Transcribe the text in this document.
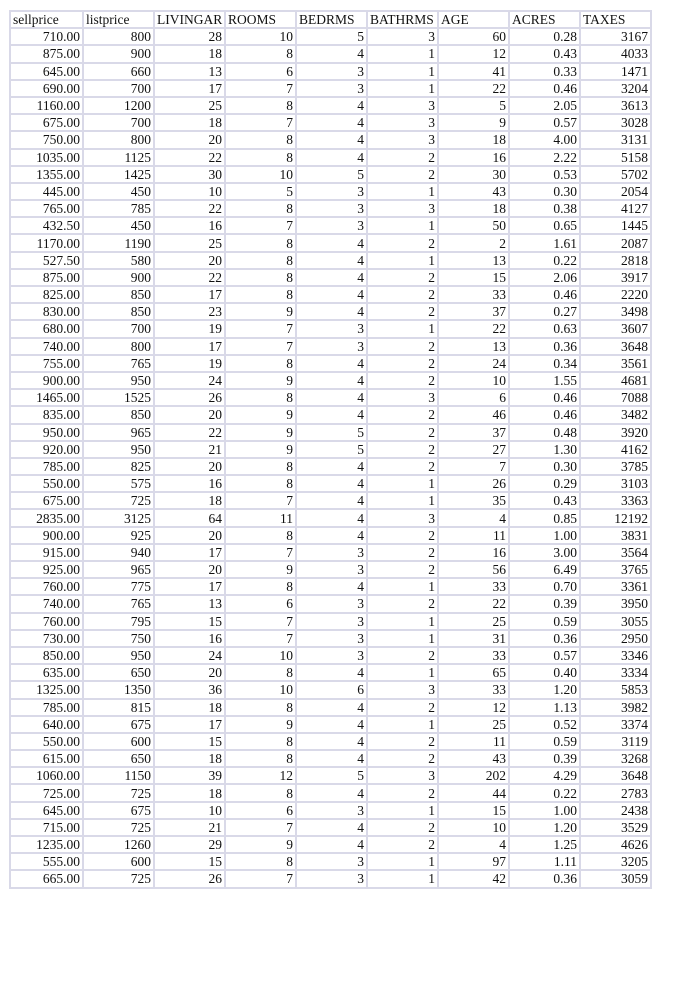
sellprice	listprice	LIVINGAR	ROOMS	BEDRMS	BATHRMS	AGE	ACRES	TAXES
710.00	800	28	10	5	3	60	0.28	3167
875.00	900	18	8	4	1	12	0.43	4033
645.00	660	13	6	3	1	41	0.33	1471
690.00	700	17	7	3	1	22	0.46	3204
1160.00	1200	25	8	4	3	5	2.05	3613
675.00	700	18	7	4	3	9	0.57	3028
750.00	800	20	8	4	3	18	4.00	3131
1035.00	1125	22	8	4	2	16	2.22	5158
1355.00	1425	30	10	5	2	30	0.53	5702
445.00	450	10	5	3	1	43	0.30	2054
765.00	785	22	8	3	3	18	0.38	4127
432.50	450	16	7	3	1	50	0.65	1445
1170.00	1190	25	8	4	2	2	1.61	2087
527.50	580	20	8	4	1	13	0.22	2818
875.00	900	22	8	4	2	15	2.06	3917
825.00	850	17	8	4	2	33	0.46	2220
830.00	850	23	9	4	2	37	0.27	3498
680.00	700	19	7	3	1	22	0.63	3607
740.00	800	17	7	3	2	13	0.36	3648
755.00	765	19	8	4	2	24	0.34	3561
900.00	950	24	9	4	2	10	1.55	4681
1465.00	1525	26	8	4	3	6	0.46	7088
835.00	850	20	9	4	2	46	0.46	3482
950.00	965	22	9	5	2	37	0.48	3920
920.00	950	21	9	5	2	27	1.30	4162
785.00	825	20	8	4	2	7	0.30	3785
550.00	575	16	8	4	1	26	0.29	3103
675.00	725	18	7	4	1	35	0.43	3363
2835.00	3125	64	11	4	3	4	0.85	12192
900.00	925	20	8	4	2	11	1.00	3831
915.00	940	17	7	3	2	16	3.00	3564
925.00	965	20	9	3	2	56	6.49	3765
760.00	775	17	8	4	1	33	0.70	3361
740.00	765	13	6	3	2	22	0.39	3950
760.00	795	15	7	3	1	25	0.59	3055
730.00	750	16	7	3	1	31	0.36	2950
850.00	950	24	10	3	2	33	0.57	3346
635.00	650	20	8	4	1	65	0.40	3334
1325.00	1350	36	10	6	3	33	1.20	5853
785.00	815	18	8	4	2	12	1.13	3982
640.00	675	17	9	4	1	25	0.52	3374
550.00	600	15	8	4	2	11	0.59	3119
615.00	650	18	8	4	2	43	0.39	3268
1060.00	1150	39	12	5	3	202	4.29	3648
725.00	725	18	8	4	2	44	0.22	2783
645.00	675	10	6	3	1	15	1.00	2438
715.00	725	21	7	4	2	10	1.20	3529
1235.00	1260	29	9	4	2	4	1.25	4626
555.00	600	15	8	3	1	97	1.11	3205
665.00	725	26	7	3	1	42	0.36	3059
